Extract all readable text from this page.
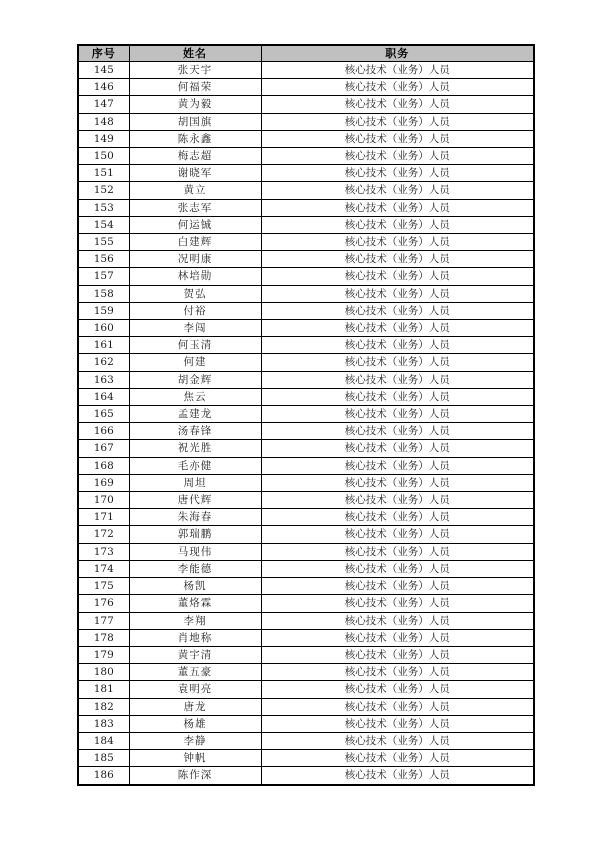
序号	姓名	职务
145	张天宇	核心技术（业务）人员
146	何福荣	核心技术（业务）人员
147	黄为毅	核心技术（业务）人员
148	胡国旗	核心技术（业务）人员
149	陈永鑫	核心技术（业务）人员
150	梅志超	核心技术（业务）人员
151	谢晓军	核心技术（业务）人员
152	黄立	核心技术（业务）人员
153	张志军	核心技术（业务）人员
154	何运铖	核心技术（业务）人员
155	白建辉	核心技术（业务）人员
156	况明康	核心技术（业务）人员
157	林培勋	核心技术（业务）人员
158	贺弘	核心技术（业务）人员
159	付裕	核心技术（业务）人员
160	李闯	核心技术（业务）人员
161	何玉清	核心技术（业务）人员
162	何建	核心技术（业务）人员
163	胡金辉	核心技术（业务）人员
164	焦云	核心技术（业务）人员
165	孟建龙	核心技术（业务）人员
166	汤春锋	核心技术（业务）人员
167	祝光胜	核心技术（业务）人员
168	毛亦健	核心技术（业务）人员
169	周坦	核心技术（业务）人员
170	唐代辉	核心技术（业务）人员
171	朱海春	核心技术（业务）人员
172	郭瑞鹏	核心技术（业务）人员
173	马现伟	核心技术（业务）人员
174	李能德	核心技术（业务）人员
175	杨凯	核心技术（业务）人员
176	董烙霖	核心技术（业务）人员
177	李翔	核心技术（业务）人员
178	肖地称	核心技术（业务）人员
179	黄宇清	核心技术（业务）人员
180	董五豪	核心技术（业务）人员
181	袁明亮	核心技术（业务）人员
182	唐龙	核心技术（业务）人员
183	杨雄	核心技术（业务）人员
184	李静	核心技术（业务）人员
185	钟帆	核心技术（业务）人员
186	陈作深	核心技术（业务）人员
